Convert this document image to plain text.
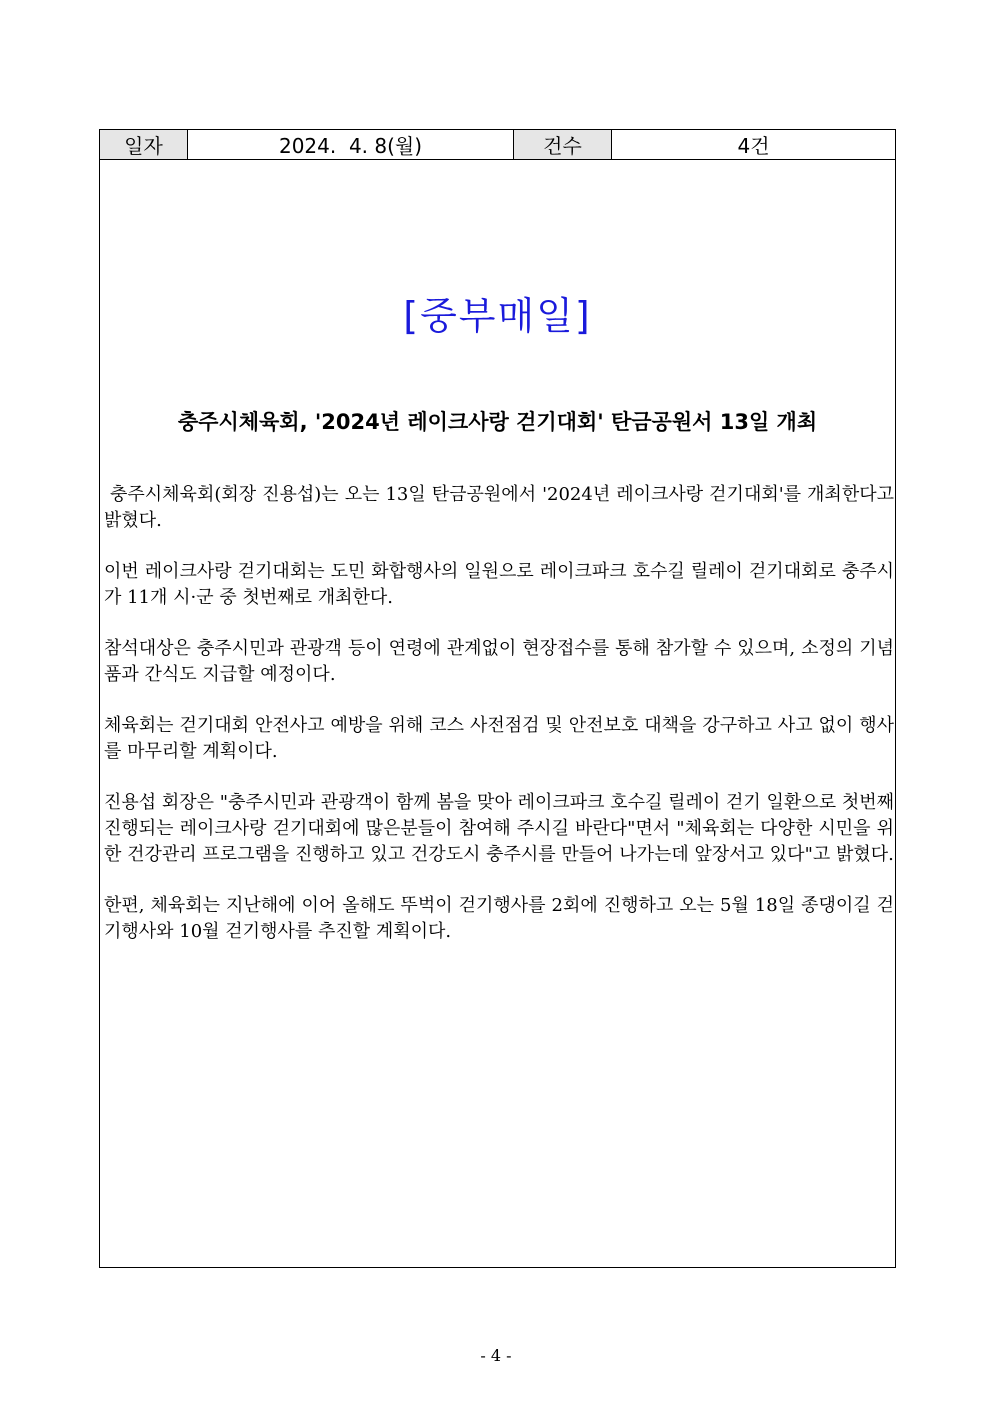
일자	2024.  4. 8(월)	건수	4건
[중부매일]
충주시체육회, '2024년 레이크사랑 걷기대회' 탄금공원서 13일 개최

충주시체육회(회장 진용섭)는 오는 13일 탄금공원에서 '2024년 레이크사랑 걷기대회'를 개최한다고 밝혔다.

이번 레이크사랑 걷기대회는 도민 화합행사의 일원으로 레이크파크 호수길 릴레이 걷기대회로 충주시가 11개 시·군 중 첫번째로 개최한다.

참석대상은 충주시민과 관광객 등이 연령에 관계없이 현장접수를 통해 참가할 수 있으며, 소정의 기념품과 간식도 지급할 예정이다.

체육회는 걷기대회 안전사고 예방을 위해 코스 사전점검 및 안전보호 대책을 강구하고 사고 없이 행사를 마무리할 계획이다.

진용섭 회장은 "충주시민과 관광객이 함께 봄을 맞아 레이크파크 호수길 릴레이 걷기 일환으로 첫번째 진행되는 레이크사랑 걷기대회에 많은분들이 참여해 주시길 바란다"면서 "체육회는 다양한 시민을 위한 건강관리 프로그램을 진행하고 있고 건강도시 충주시를 만들어 나가는데 앞장서고 있다"고 밝혔다.

한편, 체육회는 지난해에 이어 올해도 뚜벅이 걷기행사를 2회에 진행하고 오는 5월 18일 종댕이길 걷기행사와 10월 걷기행사를 추진할 계획이다.

- 4 -
